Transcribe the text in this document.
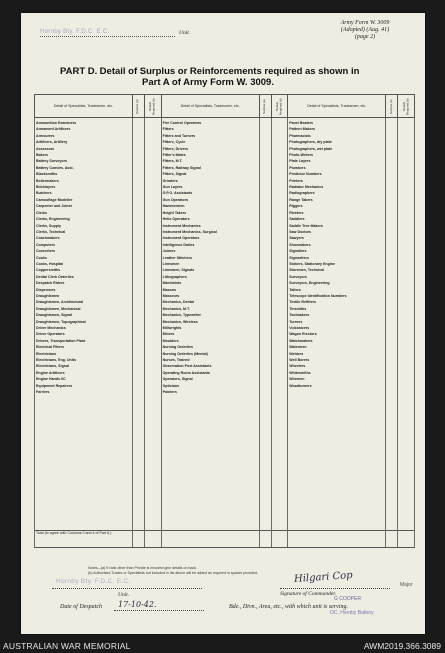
Hornby Bty. F.D.C. E.C.	Unit.
Army Form W. 3009
(Adopted) (Aug. 41)
(page 2)
PART D. Detail of Surplus or Reinforcements required as shown in
Part A of Army Form W. 3009.
Detail of Specialists, Tradesmen, etc.	Surplus (a)	Details Required (b)	Detail of Specialists, Tradesmen, etc.	Surplus (a)	Details Required (b)	Detail of Specialists, Tradesmen, etc.	Surplus (a)	Details Required (b)
Ammunition Examiners			Fire Control Operators			Panel Beaters		
Armament Artificers			Fitters			Pattern Makers		
Armourers			Fitters and Turners			Pharmacists		
Artificers, Artillery			Fitters, Cycle			Photographers, dry plate		
Assessors			Fitters, Drivers			Photographers, wet plate		
Bakers			Fitter's Mates			Photo-Writers		
Battery Surveyors			Fitters, M.T.			Plate Layers		
Battery Comdrs. Asst.			Fitters, Railway Signal			Plumbers		
Blacksmiths			Fitters, Signal			Predictor Numbers		
Boilermakers			Grinders			Printers		
Bricklayers			Gun Layers			Radiator Mechanics		
Butchers			G.P.O. Assistants			Radiographers		
Camouflage Modeller			Gun Operators			Range Takers		
Carpenter and Joiner			Hammermen			Riggers		
Clerks			Height Takers			Riveters		
Clerks, Engineering			Helio Operators			Saddlers		
Clerks, Supply			Instrument Mechanics			Saddle Tree Makers		
Clerks, Technical			Instrument Mechanics, Surgical			Saw Doctors		
Coachmakers			Instrument Operators			Sawyers		
Computers			Intelligence Duties			Shoemakers		
Concreters			Joiners			Signallers		
Cooks			Leather Stitchers			Signwriters		
Cooks, Hospital			Linesmen			Stokers, Stationary Engine		
Coppersmiths			Linesmen, Signals			Storemen, Technical		
Dental Clerk Orderlies			Lithographers			Surveyors		
Despatch Riders			Machinists			Surveyors, Engineering		
Dispensers			Masons			Tailors		
Draughtsmen			Masseurs			Telescope Identification Numbers		
Draughtsmen, Architectural			Mechanics, Dental			Textile Refitters		
Draughtsmen, Mechanical			Mechanics, M.T.			Tinsmiths		
Draughtsmen, Signal			Mechanics, Typewriter			Toolmakers		
Draughtsmen, Topographical			Mechanics, Wireless			Turners		
Driver Mechanics			Millwrights			Vulcanizers		
Driver Operators			Miners			Wagon Erectors		
Drivers, Transportation Plant			Moulders			Watchmakers		
Electrical Fitters			Nursing Orderlies			Watermen		
Electricians			Nursing Orderlies (Mental)			Welders		
Electricians, Eng. Units			Nurses, Trained			Well Borers		
Electricians, Signal			Observation Post Assistants			Wheelers		
Engine Artificers			Operating Room Assistants			Whitesmiths		
Engine Hands I/C			Operators, Signal			Wiremen		
Equipment Repairers			Opticians			Woodturners		
Farriers			Painters					

Total (to agree with Columns 3 and 4 of Part A.)								
Notes—(a) If rank other than Private is involved give details on back.
(b) Authorised Trades or Specialists not included in list above will be added as required in spaces provided.
Hornby Bty. F.D.C. E.C.
Unit.
Hilgari Cop	Major
Signature of Commander.
G COOPER
OC. Hornby Battery
Date of Despatch 17-10-42.	Bde., Divn., Area, etc., with which unit is serving.
AUSTRALIAN WAR MEMORIAL	AWM2019.366.3089
